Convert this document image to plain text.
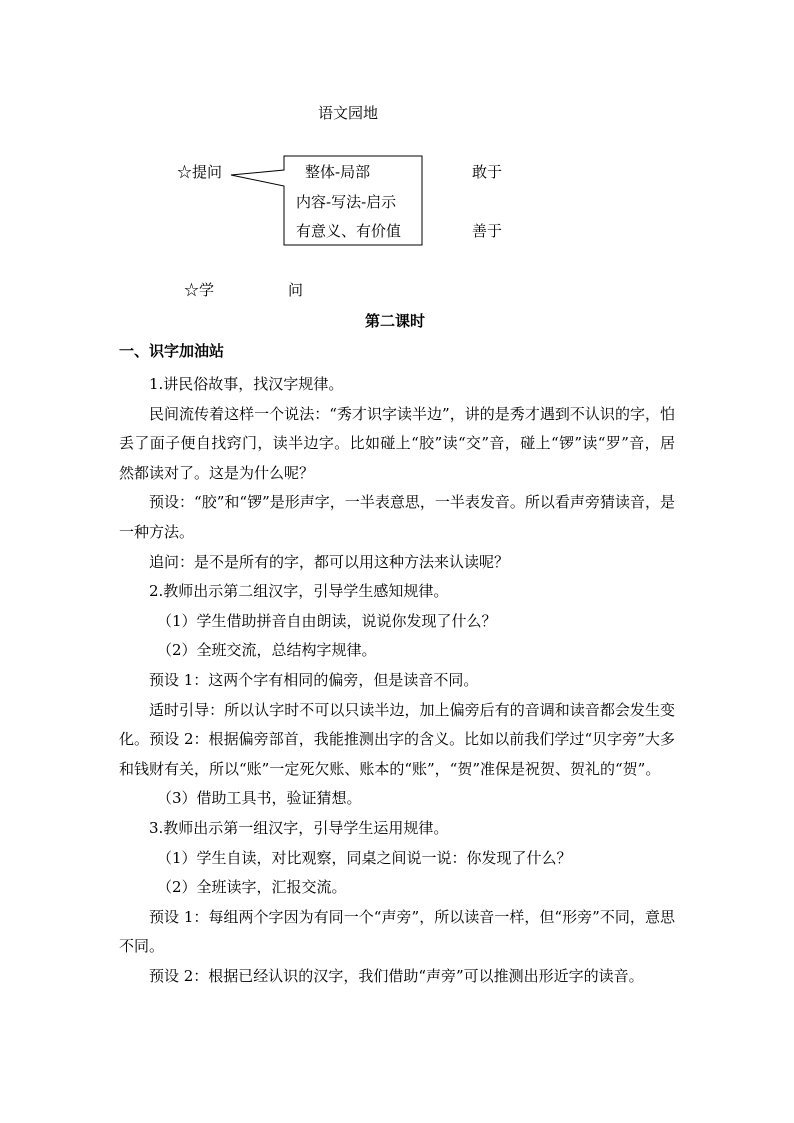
语文园地
☆提问	整体-局部
内容-写法-启示
有意义、有价值
敢于
善于
☆学	问
第二课时
一、识字加油站

1.讲民俗故事，找汉字规律。

民间流传着这样一个说法：“秀才识字读半边”，讲的是秀才遇到不认识的字，怕丢了面子便自找窍门，读半边字。比如碰上“胶”读“交”音，碰上“锣”读“罗”音，居然都读对了。这是为什么呢？

预设：“胶”和“锣”是形声字，一半表意思，一半表发音。所以看声旁猜读音，是一种方法。

追问：是不是所有的字，都可以用这种方法来认读呢？

2.教师出示第二组汉字，引导学生感知规律。

（1）学生借助拼音自由朗读，说说你发现了什么？

（2）全班交流，总结构字规律。

预设 1：这两个字有相同的偏旁，但是读音不同。

适时引导：所以认字时不可以只读半边，加上偏旁后有的音调和读音都会发生变化。预设 2：根据偏旁部首，我能推测出字的含义。比如以前我们学过“贝字旁”大多和钱财有关，所以“账”一定死欠账、账本的“账”，“贺”准保是祝贺、贺礼的“贺”。

（3）借助工具书，验证猜想。

3.教师出示第一组汉字，引导学生运用规律。

（1）学生自读，对比观察，同桌之间说一说：你发现了什么？

（2）全班读字，汇报交流。

预设 1：每组两个字因为有同一个“声旁”，所以读音一样，但“形旁”不同，意思不同。

预设 2：根据已经认识的汉字，我们借助“声旁”可以推测出形近字的读音。
